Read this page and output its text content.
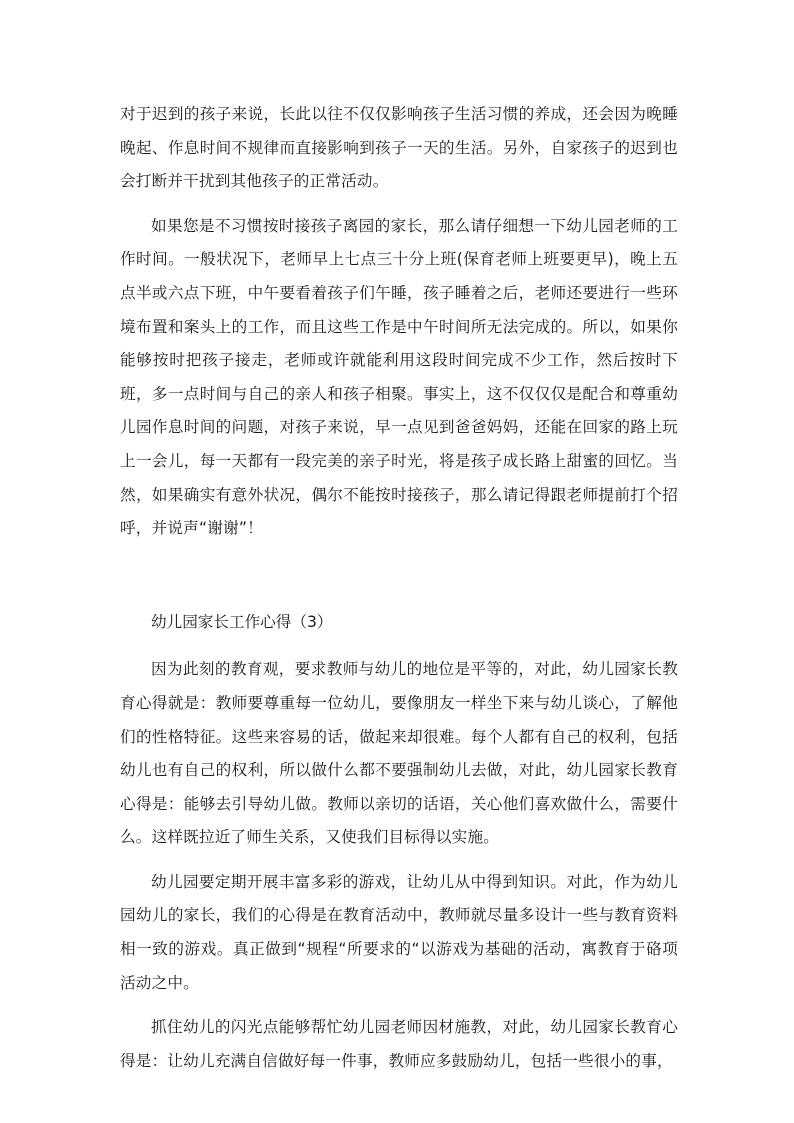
对于迟到的孩子来说，长此以往不仅仅影响孩子生活习惯的养成，还会因为晚睡晚起、作息时间不规律而直接影响到孩子一天的生活。另外，自家孩子的迟到也会打断并干扰到其他孩子的正常活动。

如果您是不习惯按时接孩子离园的家长，那么请仔细想一下幼儿园老师的工作时间。一般状况下，老师早上七点三十分上班(保育老师上班要更早)，晚上五点半或六点下班，中午要看着孩子们午睡，孩子睡着之后，老师还要进行一些环境布置和案头上的工作，而且这些工作是中午时间所无法完成的。所以，如果你能够按时把孩子接走，老师或许就能利用这段时间完成不少工作，然后按时下班，多一点时间与自己的亲人和孩子相聚。事实上，这不仅仅仅是配合和尊重幼儿园作息时间的问题，对孩子来说，早一点见到爸爸妈妈，还能在回家的路上玩上一会儿，每一天都有一段完美的亲子时光，将是孩子成长路上甜蜜的回忆。当然，如果确实有意外状况，偶尔不能按时接孩子，那么请记得跟老师提前打个招呼，并说声“谢谢”！

幼儿园家长工作心得（3）

因为此刻的教育观，要求教师与幼儿的地位是平等的，对此，幼儿园家长教育心得就是：教师要尊重每一位幼儿，要像朋友一样坐下来与幼儿谈心，了解他们的性格特征。这些来容易的话，做起来却很难。每个人都有自己的权利，包括幼儿也有自己的权利，所以做什么都不要强制幼儿去做，对此，幼儿园家长教育心得是：能够去引导幼儿做。教师以亲切的话语，关心他们喜欢做什么，需要什么。这样既拉近了师生关系，又使我们目标得以实施。

幼儿园要定期开展丰富多彩的游戏，让幼儿从中得到知识。对此，作为幼儿园幼儿的家长，我们的心得是在教育活动中，教师就尽量多设计一些与教育资料相一致的游戏。真正做到“规程“所要求的“以游戏为基础的活动，寓教育于硌项活动之中。

抓住幼儿的闪光点能够帮忙幼儿园老师因材施教，对此，幼儿园家长教育心得是：让幼儿充满自信做好每一件事，教师应多鼓励幼儿，包括一些很小的事，
